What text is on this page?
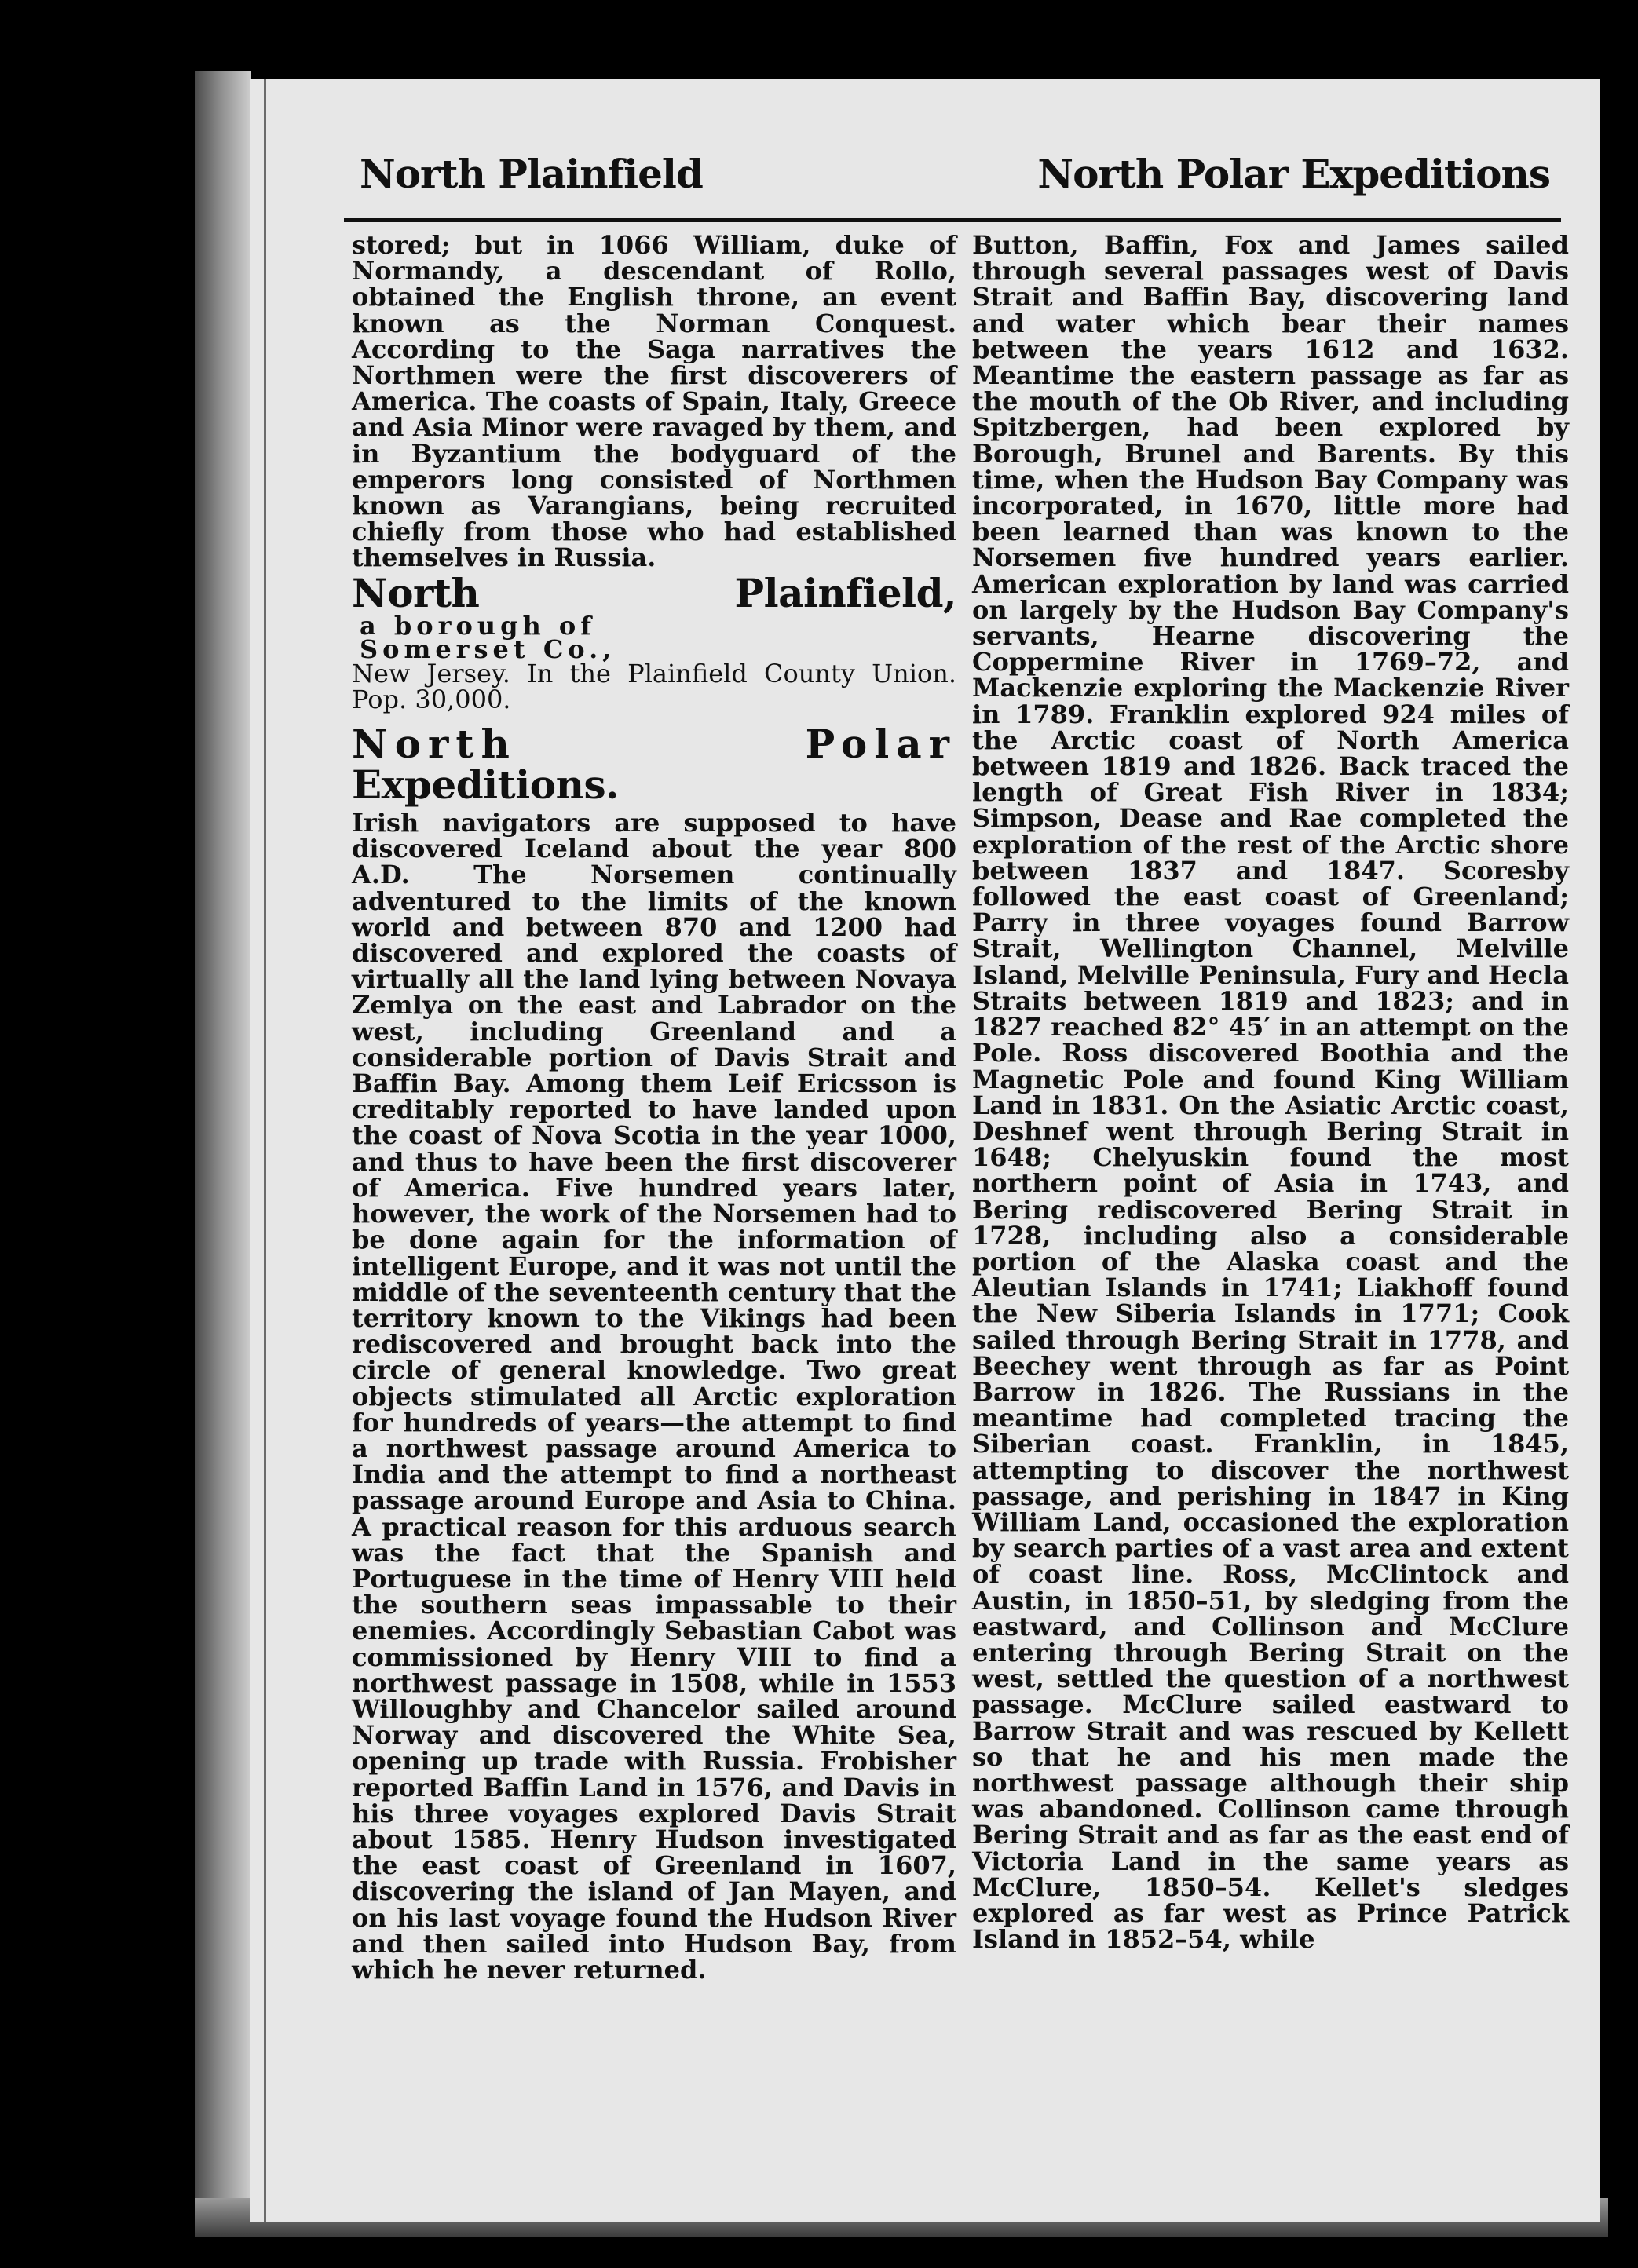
North Plainfield	North Polar Expeditions

stored; but in 1066 William, duke of Normandy, a descendant of Rollo, obtained the English throne, an event known as the Norman Conquest. According to the Saga narratives the Northmen were the first discoverers of America. The coasts of Spain, Italy, Greece and Asia Minor were ravaged by them, and in Byzantium the bodyguard of the emperors long consisted of Northmen known as Varangians, being recruited chiefly from those who had established themselves in Russia.

North Plainfield,
a borough of
Somerset Co.,

New Jersey. In the Plainfield County Union. Pop. 30,000.

North Polar Expeditions.

Irish navigators are supposed to have discovered Iceland about the year 800 A.D. The Norsemen continually adventured to the limits of the known world and between 870 and 1200 had discovered and explored the coasts of virtually all the land lying between Novaya Zemlya on the east and Labrador on the west, including Greenland and a considerable portion of Davis Strait and Baffin Bay. Among them Leif Ericsson is creditably reported to have landed upon the coast of Nova Scotia in the year 1000, and thus to have been the first discoverer of America. Five hundred years later, however, the work of the Norsemen had to be done again for the information of intelligent Europe, and it was not until the middle of the seventeenth century that the territory known to the Vikings had been rediscovered and brought back into the circle of general knowledge. Two great objects stimulated all Arctic exploration for hundreds of years—the attempt to find a northwest passage around America to India and the attempt to find a northeast passage around Europe and Asia to China. A practical reason for this arduous search was the fact that the Spanish and Portuguese in the time of Henry VIII held the southern seas impassable to their enemies. Accordingly Sebastian Cabot was commissioned by Henry VIII to find a northwest passage in 1508, while in 1553 Willoughby and Chancelor sailed around Norway and discovered the White Sea, opening up trade with Russia. Frobisher reported Baffin Land in 1576, and Davis in his three voyages explored Davis Strait about 1585. Henry Hudson investigated the east coast of Greenland in 1607, discovering the island of Jan Mayen, and on his last voyage found the Hudson River and then sailed into Hudson Bay, from which he never returned.

Button, Baffin, Fox and James sailed through several passages west of Davis Strait and Baffin Bay, discovering land and water which bear their names between the years 1612 and 1632. Meantime the eastern passage as far as the mouth of the Ob River, and including Spitzbergen, had been explored by Borough, Brunel and Barents. By this time, when the Hudson Bay Company was incorporated, in 1670, little more had been learned than was known to the Norsemen five hundred years earlier. American exploration by land was carried on largely by the Hudson Bay Company's servants, Hearne discovering the Coppermine River in 1769–72, and Mackenzie exploring the Mackenzie River in 1789. Franklin explored 924 miles of the Arctic coast of North America between 1819 and 1826. Back traced the length of Great Fish River in 1834; Simpson, Dease and Rae completed the exploration of the rest of the Arctic shore between 1837 and 1847. Scoresby followed the east coast of Greenland; Parry in three voyages found Barrow Strait, Wellington Channel, Melville Island, Melville Peninsula, Fury and Hecla Straits between 1819 and 1823; and in 1827 reached 82° 45′ in an attempt on the Pole. Ross discovered Boothia and the Magnetic Pole and found King William Land in 1831. On the Asiatic Arctic coast, Deshnef went through Bering Strait in 1648; Chelyuskin found the most northern point of Asia in 1743, and Bering rediscovered Bering Strait in 1728, including also a considerable portion of the Alaska coast and the Aleutian Islands in 1741; Liakhoff found the New Siberia Islands in 1771; Cook sailed through Bering Strait in 1778, and Beechey went through as far as Point Barrow in 1826. The Russians in the meantime had completed tracing the Siberian coast. Franklin, in 1845, attempting to discover the northwest passage, and perishing in 1847 in King William Land, occasioned the exploration by search parties of a vast area and extent of coast line. Ross, McClintock and Austin, in 1850–51, by sledging from the eastward, and Collinson and McClure entering through Bering Strait on the west, settled the question of a northwest passage. McClure sailed eastward to Barrow Strait and was rescued by Kellett so that he and his men made the northwest passage although their ship was abandoned. Collinson came through Bering Strait and as far as the east end of Victoria Land in the same years as McClure, 1850–54. Kellet's sledges explored as far west as Prince Patrick Island in 1852–54, while
